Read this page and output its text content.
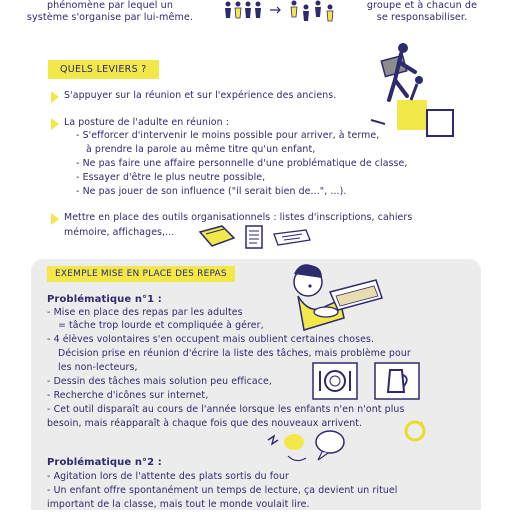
phénomène par lequel un
système s'organise par lui-même.
groupe et à chacun de
se responsabiliser.
QUELS LEVIERS ?
S'appuyer sur la réunion et sur l'expérience des anciens.
La posture de l'adulte en réunion :
- S'efforcer d'intervenir le moins possible pour arriver, à terme,
à prendre la parole au même titre qu'un enfant,
- Ne pas faire une affaire personnelle d'une problématique de classe,
- Essayer d'être le plus neutre possible,
- Ne pas jouer de son influence ("il serait bien de...", ...).
Mettre en place des outils organisationnels : listes d'inscriptions, cahiers
mémoire, affichages,...
EXEMPLE MISE EN PLACE DES REPAS
Problématique n°1 :
- Mise en place des repas par les adultes
= tâche trop lourde et compliquée à gérer,
- 4 élèves volontaires s'en occupent mais oublient certaines choses.
Décision prise en réunion d'écrire la liste des tâches, mais problème pour
les non-lecteurs,
- Dessin des tâches mais solution peu efficace,
- Recherche d'icônes sur internet,
- Cet outil disparaît au cours de l'année lorsque les enfants n'en n'ont plus
besoin, mais réapparaît à chaque fois que des nouveaux arrivent.
Problématique n°2 :
- Agitation lors de l'attente des plats sortis du four
- Un enfant offre spontanément un temps de lecture, ça devient un rituel
important de la classe, mais tout le monde voulait lire.
